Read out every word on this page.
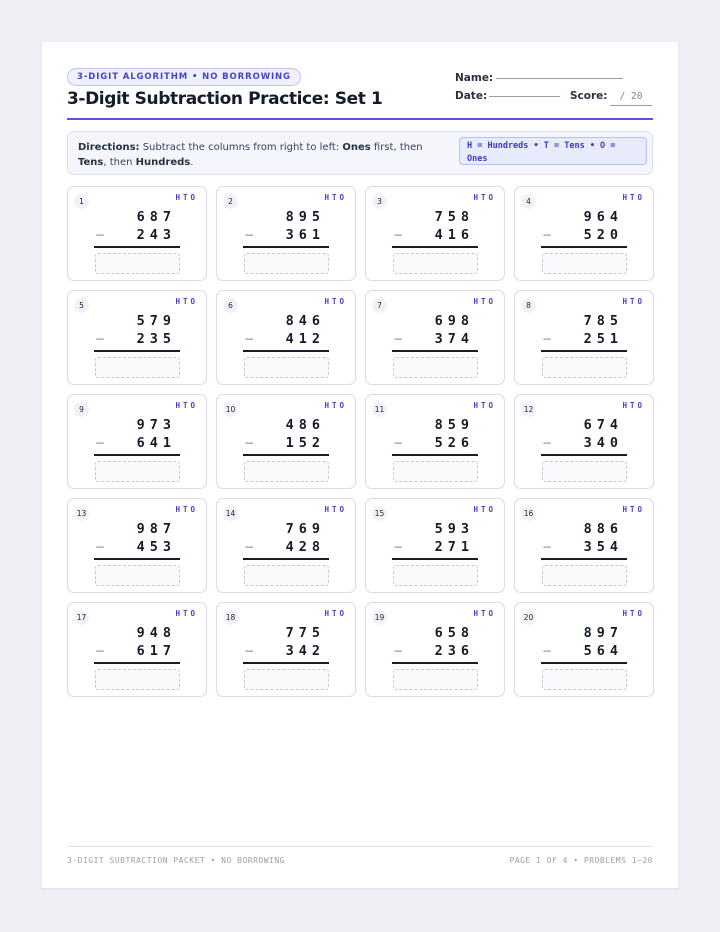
3-DIGIT ALGORITHM • NO BORROWING
3-Digit Subtraction Practice: Set 1
Name:
Date:	Score:	/ 20
Directions: Subtract the columns from right to left: Ones first, then Tens, then Hundreds.
H = Hundreds • T = Tens • O = Ones
1	HTO
687
− 243
2	HTO
895
− 361
3	HTO
758
− 416
4	HTO
964
− 520
5	HTO
579
− 235
6	HTO
846
− 412
7	HTO
698
− 374
8	HTO
785
− 251
9	HTO
973
− 641
10	HTO
486
− 152
11	HTO
859
− 526
12	HTO
674
− 340
13	HTO
987
− 453
14	HTO
769
− 428
15	HTO
593
− 271
16	HTO
886
− 354
17	HTO
948
− 617
18	HTO
775
− 342
19	HTO
658
− 236
20	HTO
897
− 564
3-DIGIT SUBTRACTION PACKET • NO BORROWING	PAGE 1 OF 4 • PROBLEMS 1–20
